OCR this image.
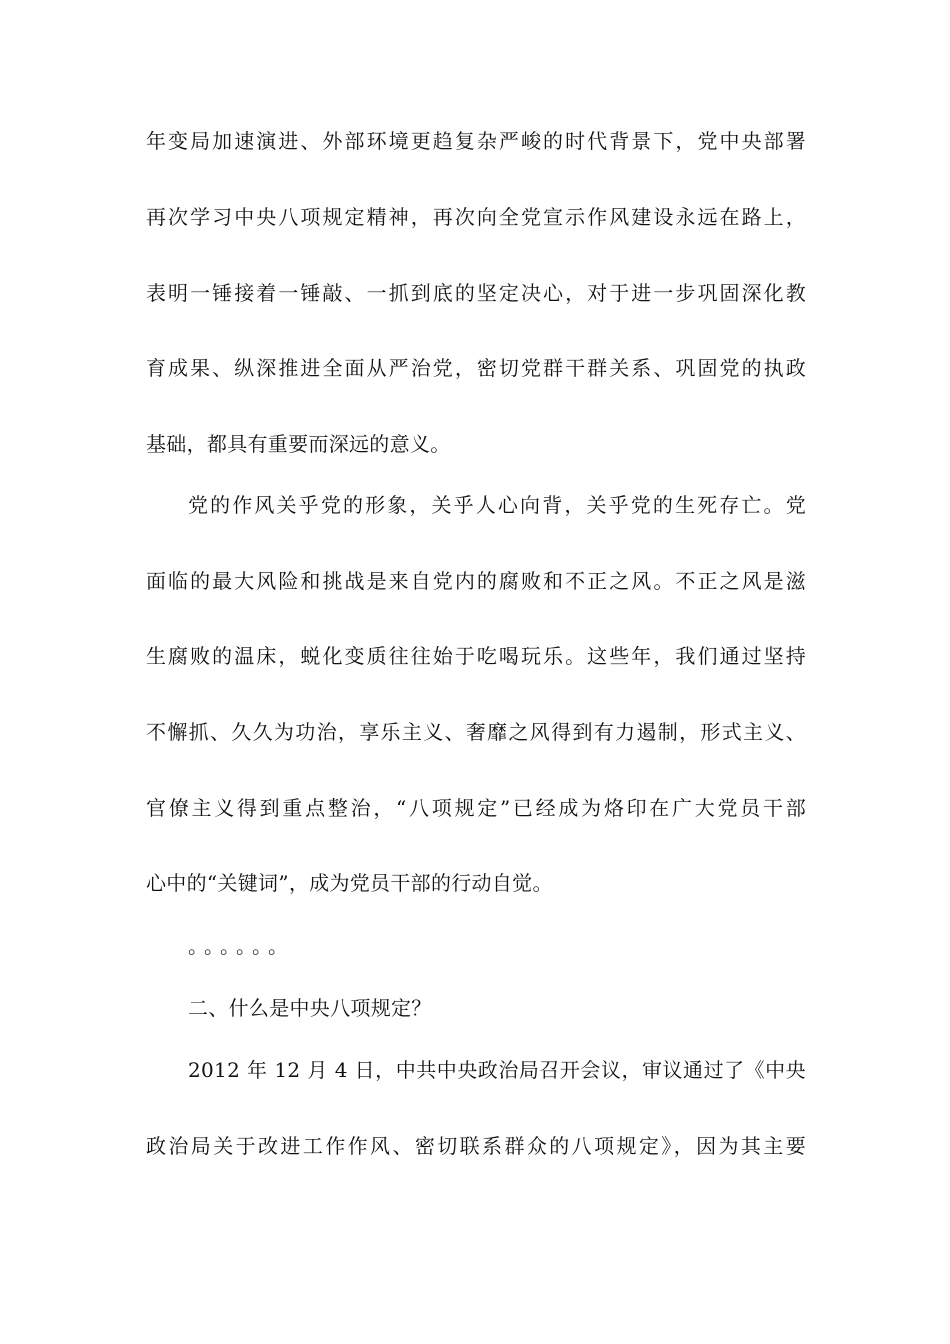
年变局加速演进、外部环境更趋复杂严峻的时代背景下，党中央部署
再次学习中央八项规定精神，再次向全党宣示作风建设永远在路上，
表明一锤接着一锤敲、一抓到底的坚定决心，对于进一步巩固深化教
育成果、纵深推进全面从严治党，密切党群干群关系、巩固党的执政
基础，都具有重要而深远的意义。
党的作风关乎党的形象，关乎人心向背，关乎党的生死存亡。党
面临的最大风险和挑战是来自党内的腐败和不正之风。不正之风是滋
生腐败的温床，蜕化变质往往始于吃喝玩乐。这些年，我们通过坚持
不懈抓、久久为功治，享乐主义、奢靡之风得到有力遏制，形式主义、
官僚主义得到重点整治，“八项规定”已经成为烙印在广大党员干部
心中的“关键词”，成为党员干部的行动自觉。
。。。。。。
二、什么是中央八项规定？
2012 年 12 月 4 日，中共中央政治局召开会议，审议通过了《中央
政治局关于改进工作作风、密切联系群众的八项规定》，因为其主要
